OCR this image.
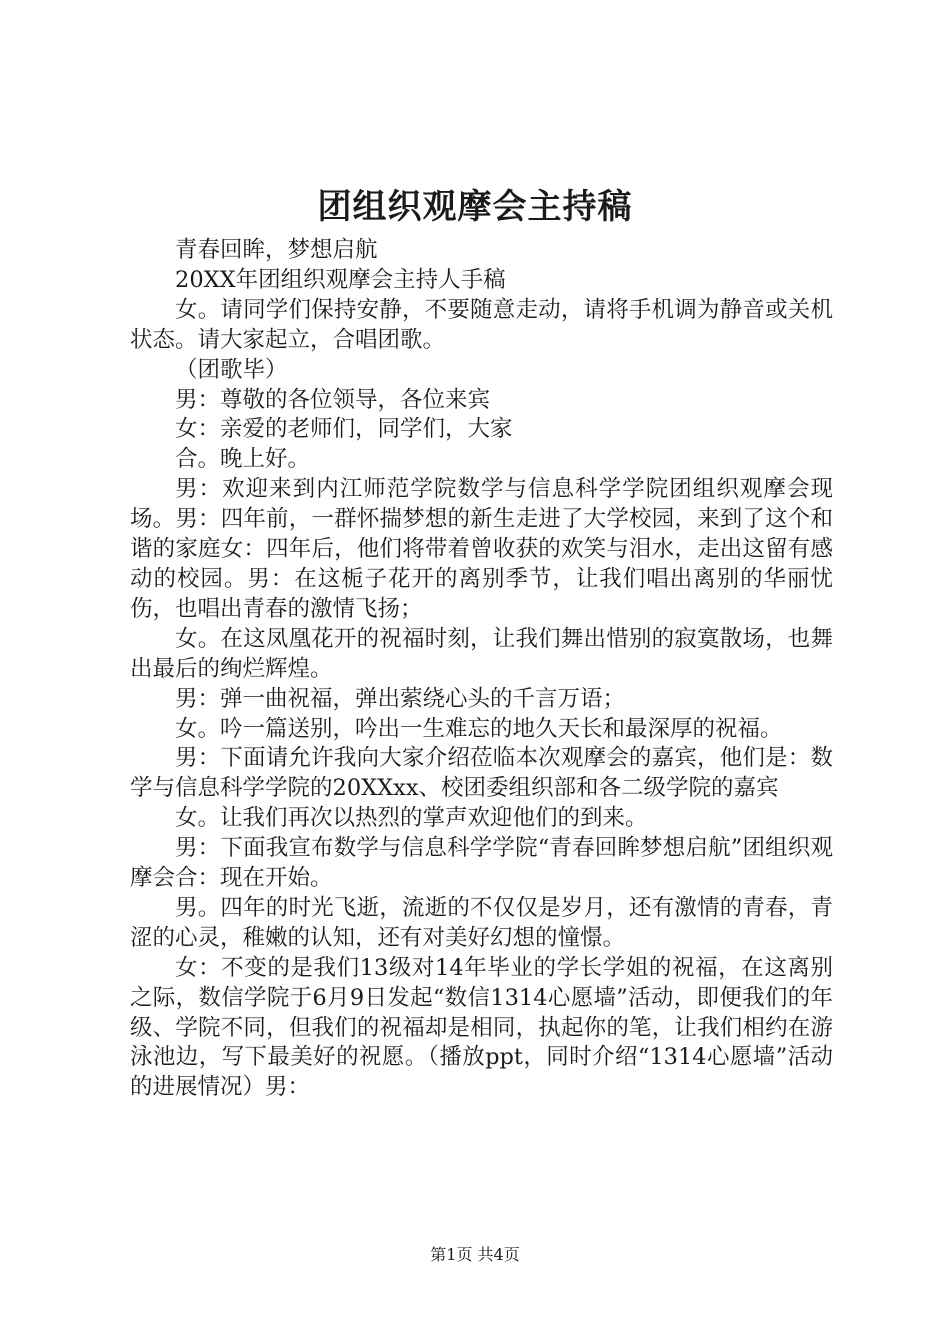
团组织观摩会主持稿

青春回眸，梦想启航

20XX年团组织观摩会主持人手稿

女。请同学们保持安静，不要随意走动，请将手机调为静音或关机状态。请大家起立，合唱团歌。

（团歌毕）

男：尊敬的各位领导，各位来宾

女：亲爱的老师们，同学们，大家

合。晚上好。

男：欢迎来到内江师范学院数学与信息科学学院团组织观摩会现场。男：四年前，一群怀揣梦想的新生走进了大学校园，来到了这个和谐的家庭女：四年后，他们将带着曾收获的欢笑与泪水，走出这留有感动的校园。男：在这栀子花开的离别季节，让我们唱出离别的华丽忧伤，也唱出青春的激情飞扬；

女。在这凤凰花开的祝福时刻，让我们舞出惜别的寂寞散场，也舞出最后的绚烂辉煌。

男：弹一曲祝福，弹出萦绕心头的千言万语；

女。吟一篇送别，吟出一生难忘的地久天长和最深厚的祝福。

男：下面请允许我向大家介绍莅临本次观摩会的嘉宾，他们是：数学与信息科学学院的20XXxx、校团委组织部和各二级学院的嘉宾

女。让我们再次以热烈的掌声欢迎他们的到来。

男：下面我宣布数学与信息科学学院“青春回眸梦想启航”团组织观摩会合：现在开始。

男。四年的时光飞逝，流逝的不仅仅是岁月，还有激情的青春，青涩的心灵，稚嫩的认知，还有对美好幻想的憧憬。

女：不变的是我们13级对14年毕业的学长学姐的祝福，在这离别之际，数信学院于6月9日发起“数信1314心愿墙”活动，即便我们的年级、学院不同，但我们的祝福却是相同，执起你的笔，让我们相约在游泳池边，写下最美好的祝愿。（播放ppt，同时介绍“1314心愿墙”活动的进展情况）男：

第1页 共4页
